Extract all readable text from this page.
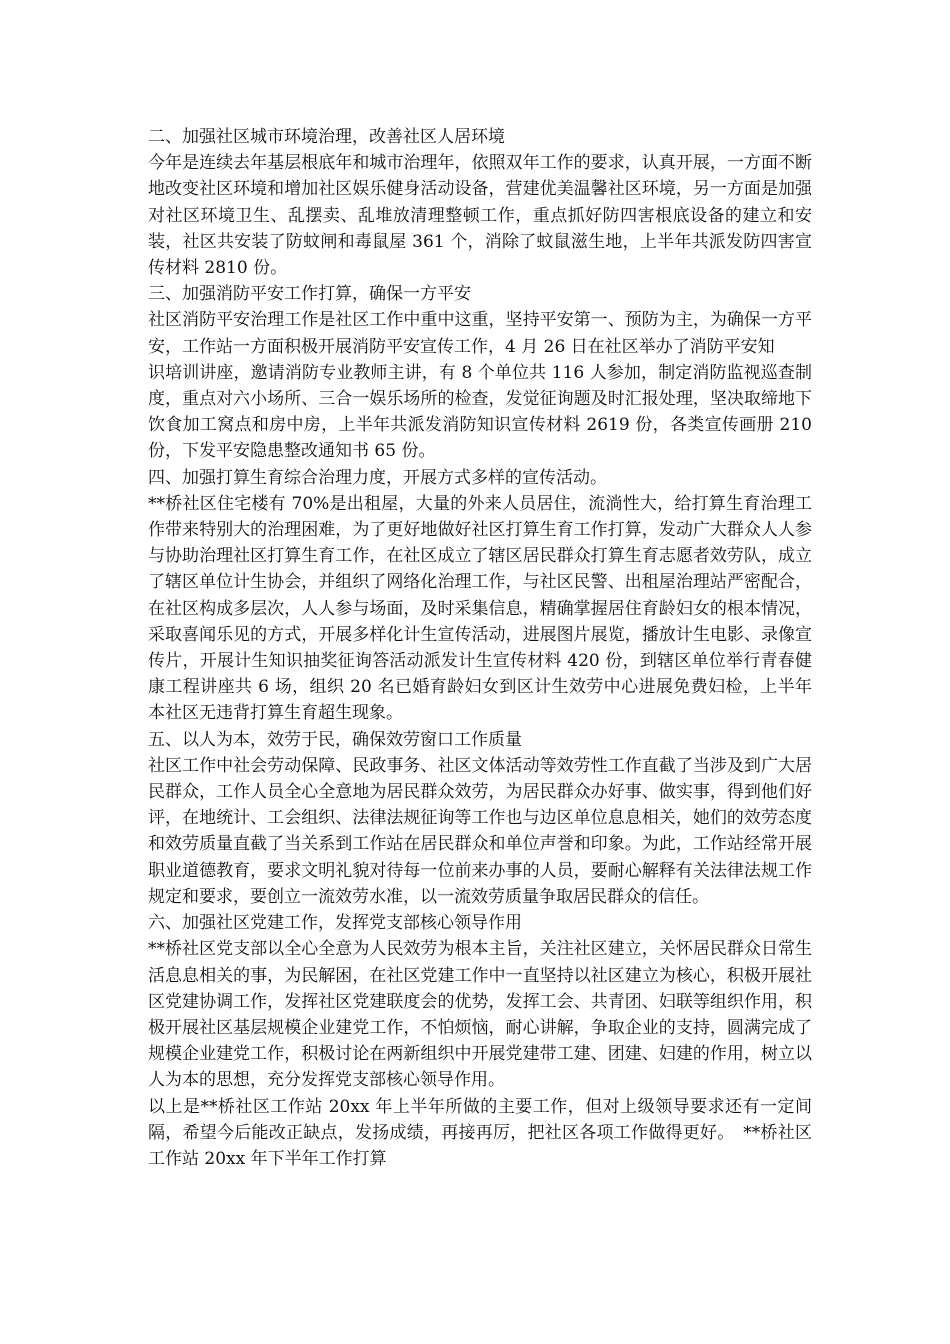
二、加强社区城市环境治理，改善社区人居环境

今年是连续去年基层根底年和城市治理年，依照双年工作的要求，认真开展，一方面不断地改变社区环境和增加社区娱乐健身活动设备，营建优美温馨社区环境，另一方面是加强对社区环境卫生、乱摆卖、乱堆放清理整顿工作，重点抓好防四害根底设备的建立和安装，社区共安装了防蚊闸和毒鼠屋 361 个，消除了蚊鼠滋生地，上半年共派发防四害宣传材料 2810 份。

三、加强消防平安工作打算，确保一方平安

社区消防平安治理工作是社区工作中重中这重，坚持平安第一、预防为主，为确保一方平安，工作站一方面积极开展消防平安宣传工作，4 月 26 日在社区举办了消防平安知

识培训讲座，邀请消防专业教师主讲，有 8 个单位共 116 人参加，制定消防监视巡查制度，重点对六小场所、三合一娱乐场所的检查，发觉征询题及时汇报处理，坚决取缔地下饮食加工窝点和房中房，上半年共派发消防知识宣传材料 2619 份，各类宣传画册 210 份，下发平安隐患整改通知书 65 份。

四、加强打算生育综合治理力度，开展方式多样的宣传活动。

**桥社区住宅楼有 70%是出租屋，大量的外来人员居住，流淌性大，给打算生育治理工作带来特别大的治理困难，为了更好地做好社区打算生育工作打算，发动广大群众人人参与协助治理社区打算生育工作，在社区成立了辖区居民群众打算生育志愿者效劳队，成立了辖区单位计生协会，并组织了网络化治理工作，与社区民警、出租屋治理站严密配合，在社区构成多层次，人人参与场面，及时采集信息，精确掌握居住育龄妇女的根本情况，采取喜闻乐见的方式，开展多样化计生宣传活动，进展图片展览，播放计生电影、录像宣传片，开展计生知识抽奖征询答活动派发计生宣传材料 420 份，到辖区单位举行青春健康工程讲座共 6 场，组织 20 名已婚育龄妇女到区计生效劳中心进展免费妇检，上半年本社区无违背打算生育超生现象。

五、以人为本，效劳于民，确保效劳窗口工作质量

社区工作中社会劳动保障、民政事务、社区文体活动等效劳性工作直截了当涉及到广大居民群众，工作人员全心全意地为居民群众效劳，为居民群众办好事、做实事，得到他们好评，在地统计、工会组织、法律法规征询等工作也与边区单位息息相关，她们的效劳态度和效劳质量直截了当关系到工作站在居民群众和单位声誉和印象。为此，工作站经常开展职业道德教育，要求文明礼貌对待每一位前来办事的人员，要耐心解释有关法律法规工作规定和要求，要创立一流效劳水准，以一流效劳质量争取居民群众的信任。

六、加强社区党建工作，发挥党支部核心领导作用

**桥社区党支部以全心全意为人民效劳为根本主旨，关注社区建立，关怀居民群众日常生活息息相关的事，为民解困，在社区党建工作中一直坚持以社区建立为核心，积极开展社区党建协调工作，发挥社区党建联度会的优势，发挥工会、共青团、妇联等组织作用，积极开展社区基层规模企业建党工作，不怕烦恼，耐心讲解，争取企业的支持，圆满完成了规模企业建党工作，积极讨论在两新组织中开展党建带工建、团建、妇建的作用，树立以人为本的思想，充分发挥党支部核心领导作用。

以上是**桥社区工作站 20xx 年上半年所做的主要工作，但对上级领导要求还有一定间隔，希望今后能改正缺点，发扬成绩，再接再厉，把社区各项工作做得更好。　**桥社区工作站 20xx 年下半年工作打算
